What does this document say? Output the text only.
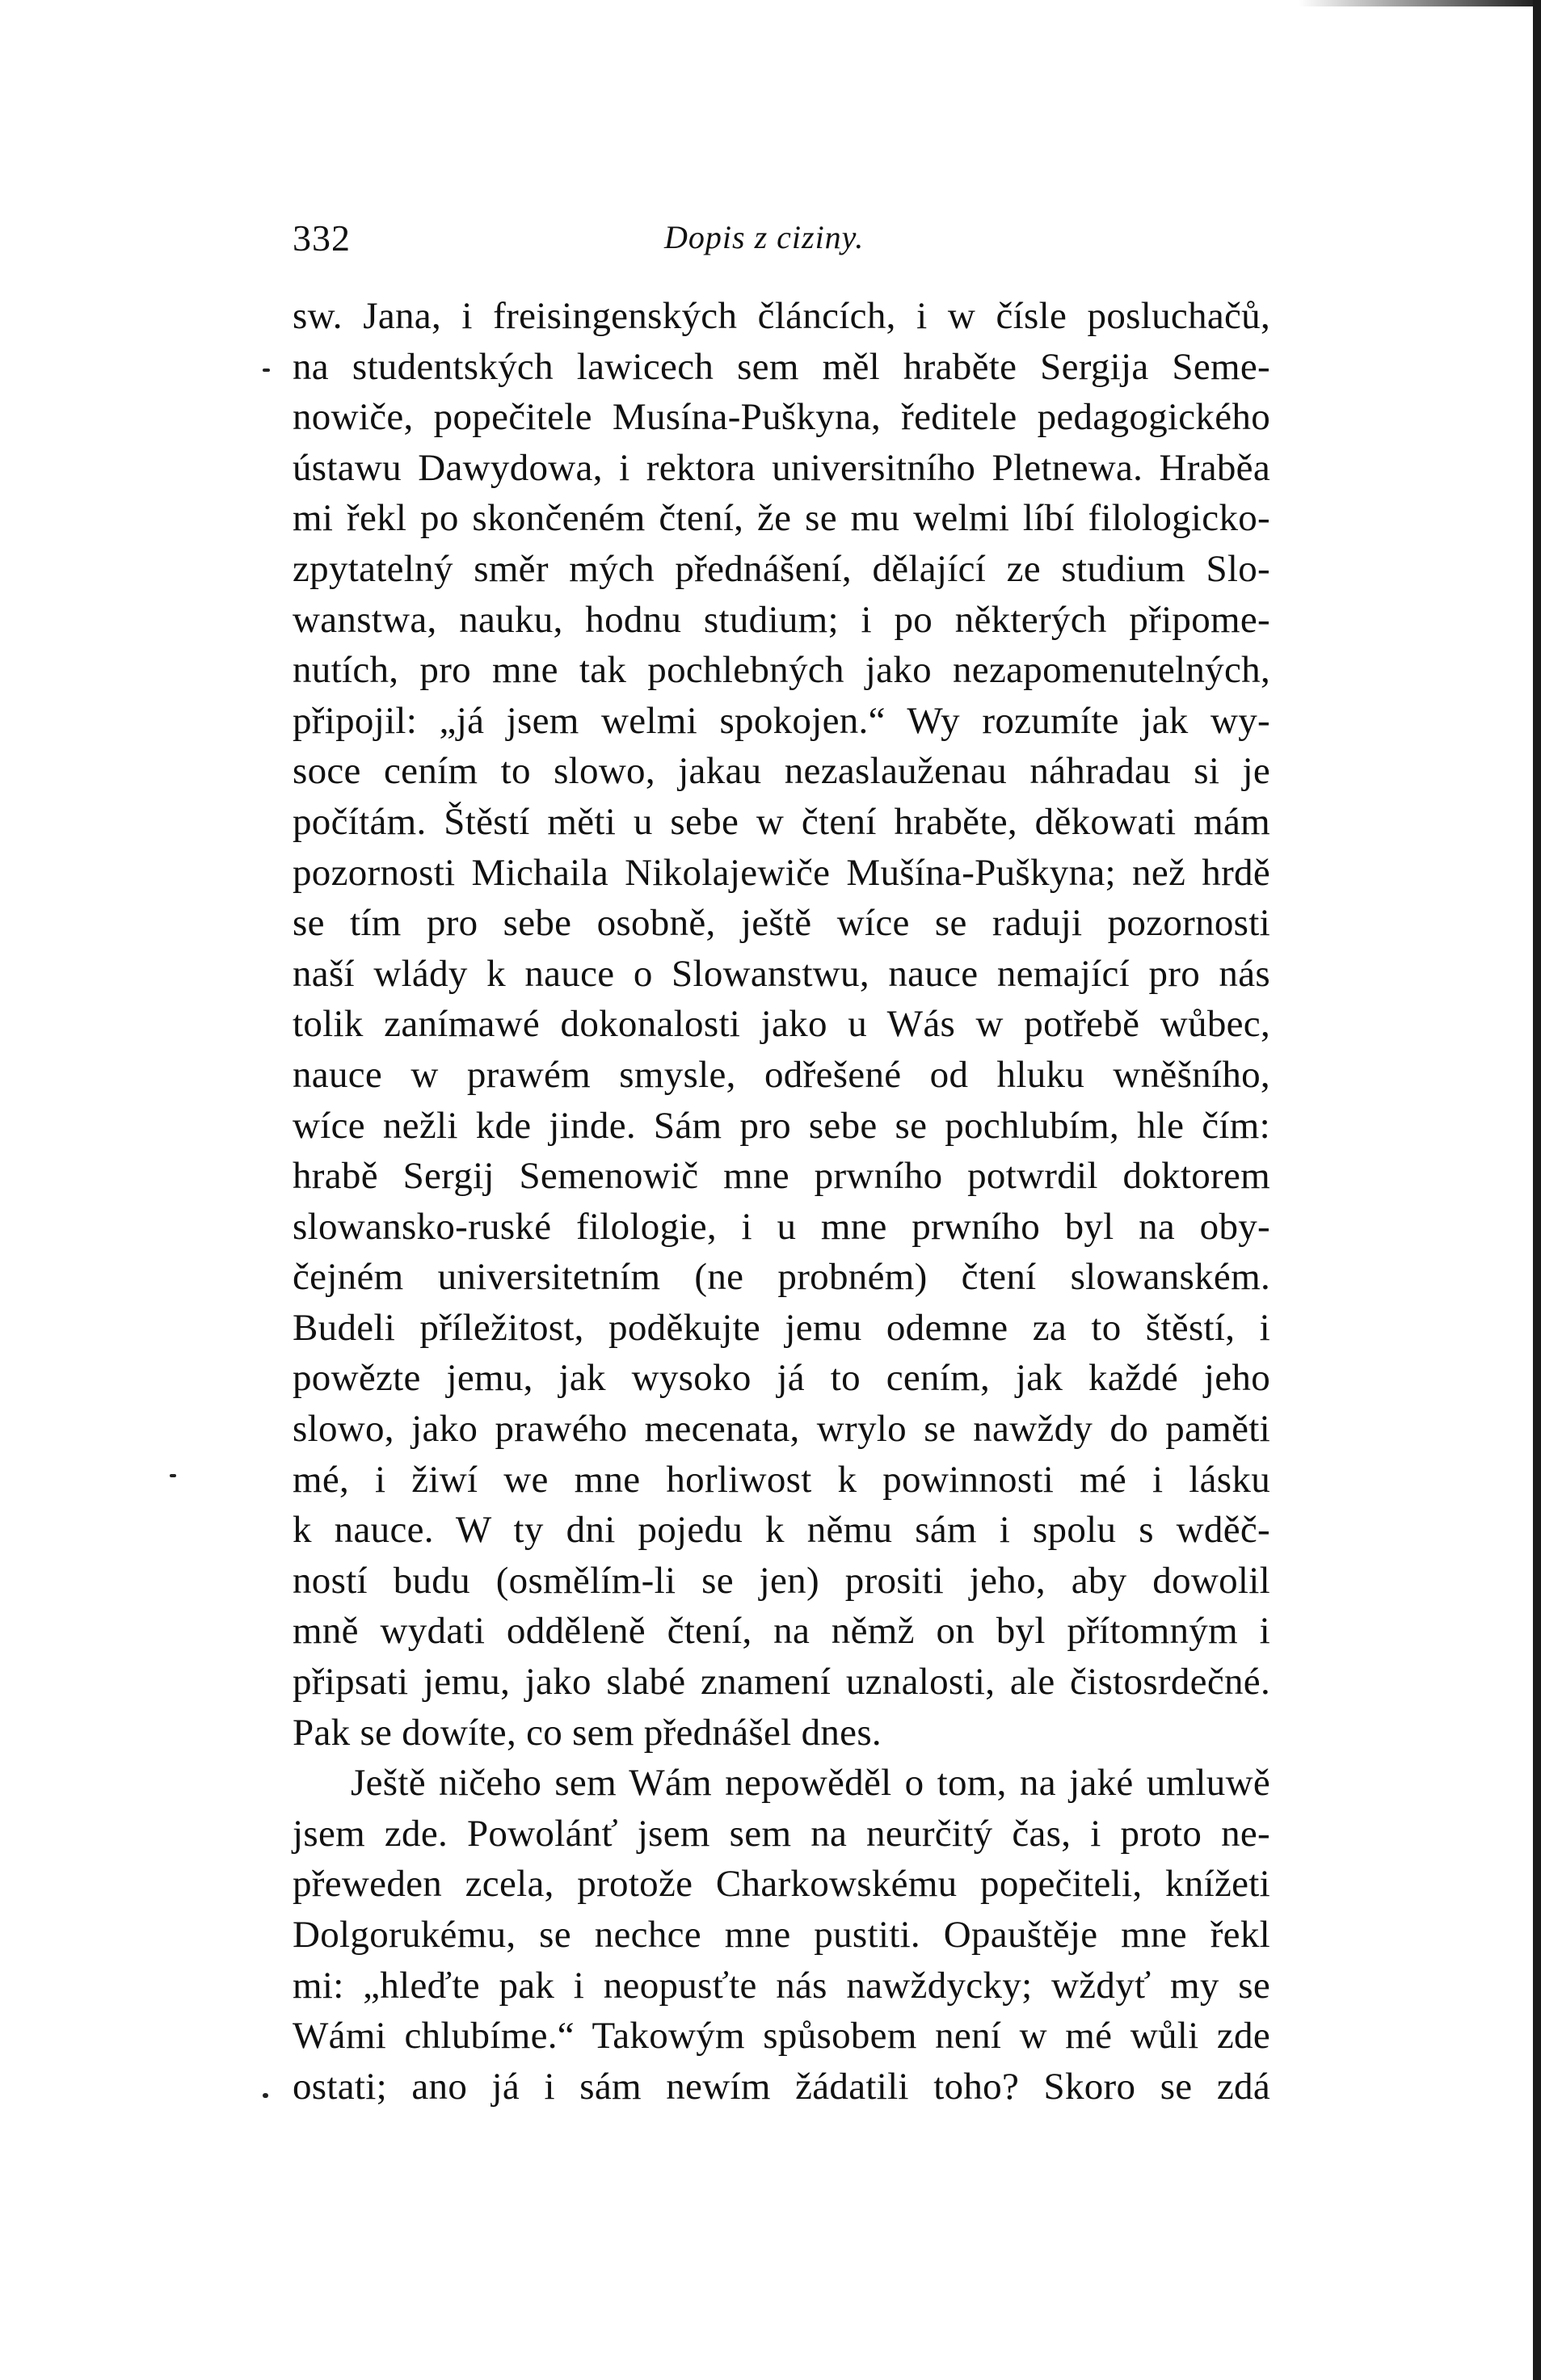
332	Dopis z ciziny.
sw. Jana, i freisingenských článcích, i w čísle posluchačů,
na studentských lawicech sem měl hraběte Sergija Seme-
nowiče, popečitele Musína-Puškyna, ředitele pedagogického
ústawu Dawydowa, i rektora universitního Pletnewa. Hraběa
mi řekl po skončeném čtení, že se mu welmi líbí filologicko-
zpytatelný směr mých přednášení, dělající ze studium Slo-
wanstwa, nauku, hodnu studium; i po některých připome-
nutích, pro mne tak pochlebných jako nezapomenutelných,
připojil: „já jsem welmi spokojen.“ Wy rozumíte jak wy-
soce cením to slowo, jakau nezaslauženau náhradau si je
počítám. Štěstí měti u sebe w čtení hraběte, děkowati mám
pozornosti Michaila Nikolajewiče Mušína-Puškyna; než hrdě
se tím pro sebe osobně, ještě wíce se raduji pozornosti
naší wlády k nauce o Slowanstwu, nauce nemající pro nás
tolik zanímawé dokonalosti jako u Wás w potřebě wůbec,
nauce w prawém smysle, odřešené od hluku wněšního,
wíce nežli kde jinde. Sám pro sebe se pochlubím, hle čím:
hrabě Sergij Semenowič mne prwního potwrdil doktorem
slowansko-ruské filologie, i u mne prwního byl na oby-
čejném universitetním (ne probném) čtení slowanském.
Budeli příležitost, poděkujte jemu odemne za to štěstí, i
powězte jemu, jak wysoko já to cením, jak každé jeho
slowo, jako prawého mecenata, wrylo se nawždy do paměti
mé, i žiwí we mne horliwost k powinnosti mé i lásku
k nauce. W ty dni pojedu k němu sám i spolu s wděč-
ností budu (osmělím-li se jen) prositi jeho, aby dowolil
mně wydati odděleně čtení, na němž on byl přítomným i
připsati jemu, jako slabé znamení uznalosti, ale čistosrdečné.
Pak se dowíte, co sem přednášel dnes.
Ještě ničeho sem Wám nepowěděl o tom, na jaké umluwě
jsem zde. Powolánť jsem sem na neurčitý čas, i proto ne-
přeweden zcela, protože Charkowskému popečiteli, knížeti
Dolgorukému, se nechce mne pustiti. Opauštěje mne řekl
mi: „hleďte pak i neopusťte nás nawždycky; wždyť my se
Wámi chlubíme.“ Takowým spůsobem není w mé wůli zde
ostati; ano já i sám newím žádatili toho? Skoro se zdá
